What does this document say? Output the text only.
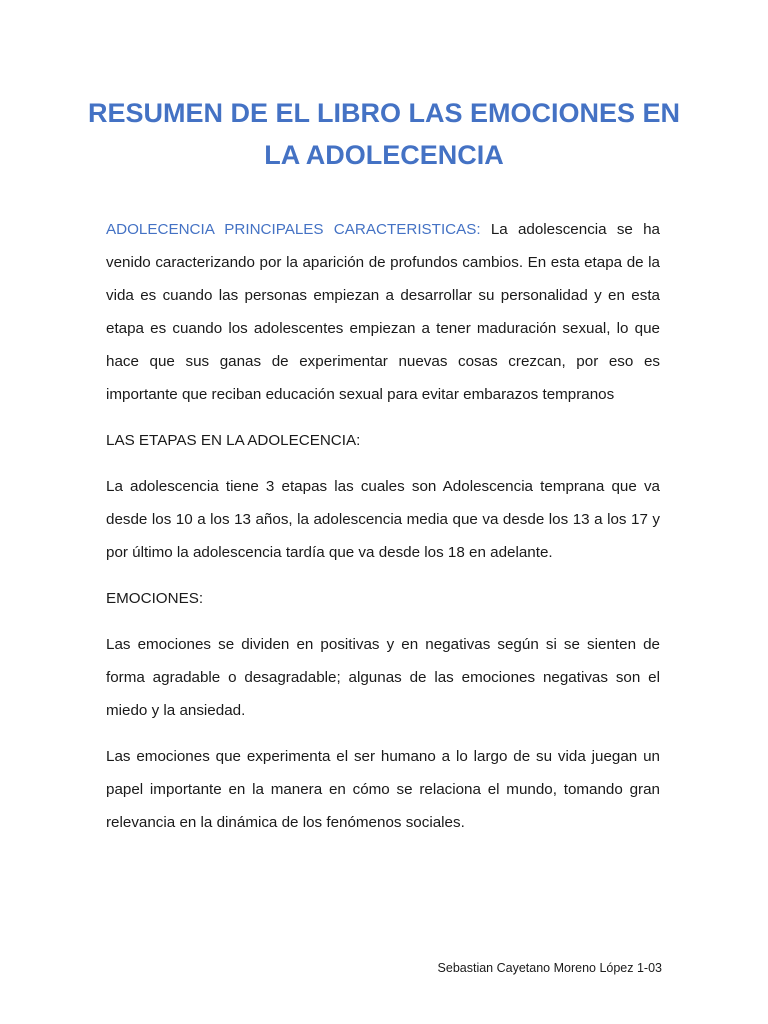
RESUMEN DE EL LIBRO LAS EMOCIONES EN
LA ADOLECENCIA

ADOLECENCIA PRINCIPALES CARACTERISTICAS: La adolescencia se ha venido caracterizando por la aparición de profundos cambios. En esta etapa de la vida es cuando las personas empiezan a desarrollar su personalidad y en esta etapa es cuando los adolescentes empiezan a tener maduración sexual, lo que hace que sus ganas de experimentar nuevas cosas crezcan, por eso es importante que reciban educación sexual para evitar embarazos tempranos

LAS ETAPAS EN LA ADOLECENCIA:

La adolescencia tiene 3 etapas las cuales son Adolescencia temprana que va desde los 10 a los 13 años, la adolescencia media que va desde los 13 a los 17 y por último la adolescencia tardía que va desde los 18 en adelante.

EMOCIONES:

Las emociones se dividen en positivas y en negativas según si se sienten de forma agradable o desagradable; algunas de las emociones negativas son el miedo y la ansiedad.

Las emociones que experimenta el ser humano a lo largo de su vida juegan un papel importante en la manera en cómo se relaciona el mundo, tomando gran relevancia en la dinámica de los fenómenos sociales.

Sebastian Cayetano Moreno López 1-03
